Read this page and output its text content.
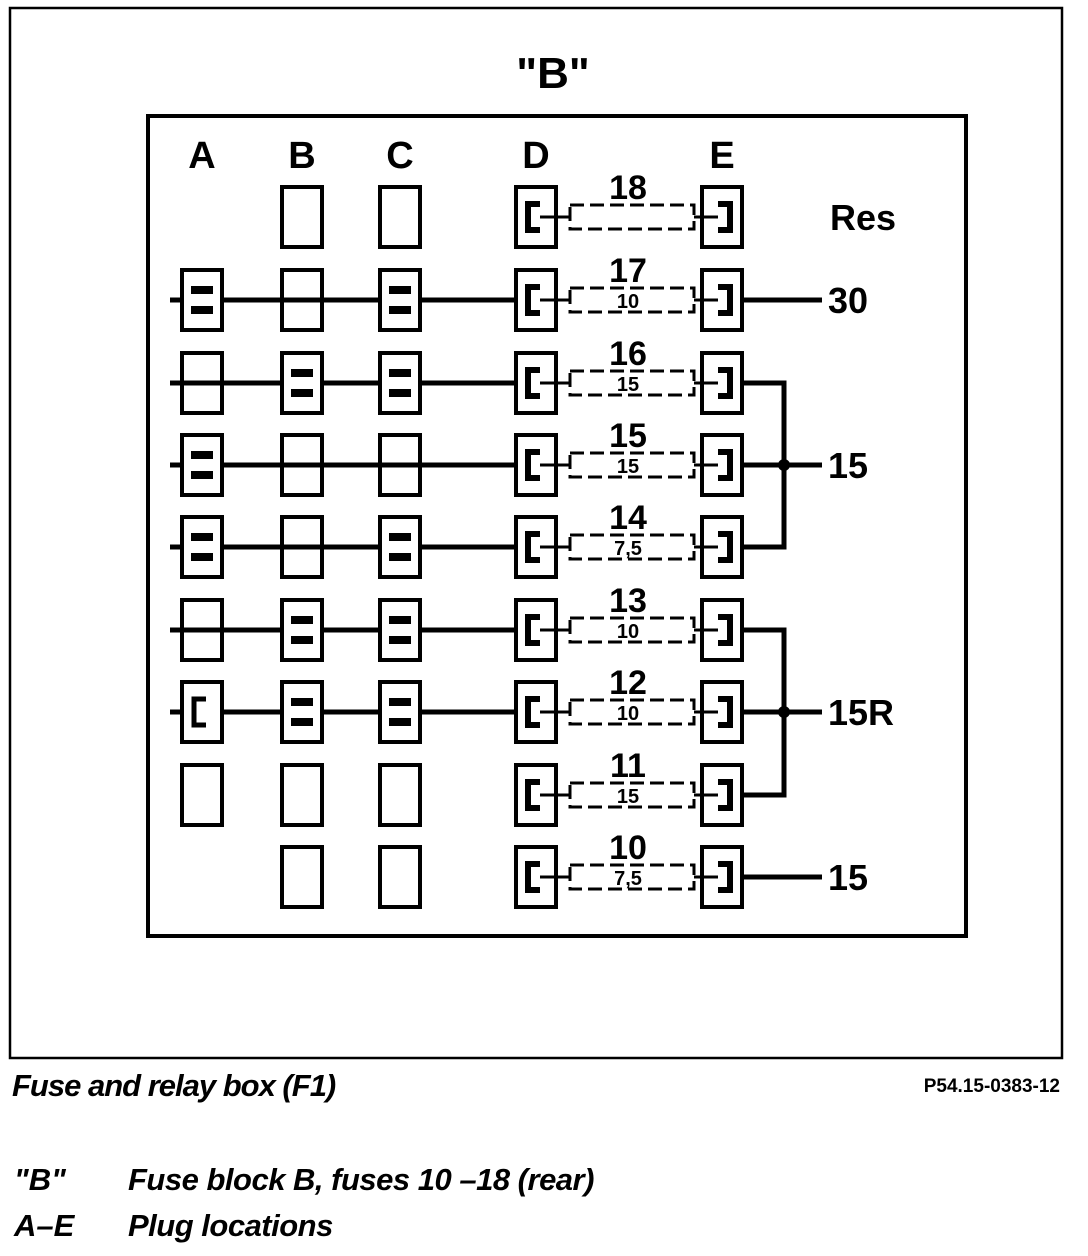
"B"
A B C	D	E
18
17
10
16
15
15
15
14
7,5
13
10
12
10
11
15
10
7,5
Res
30
15
15R
15
Fuse and relay box (F1)	P54.15-0383-12
"B" Fuse block B, fuses 10 –18 (rear)
A–E Plug locations
